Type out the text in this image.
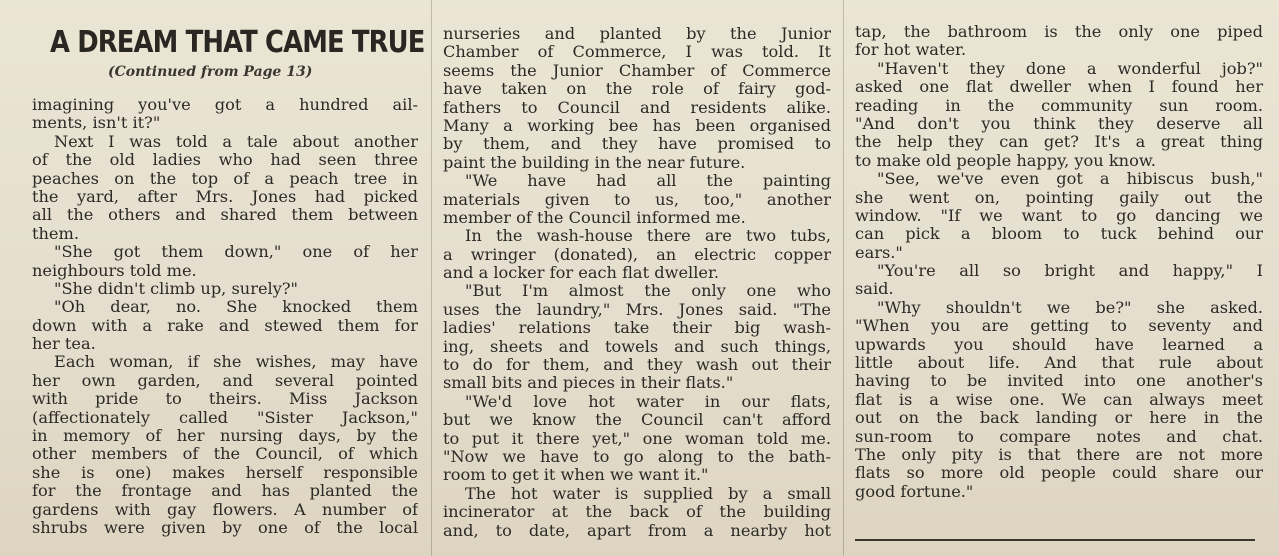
A DREAM THAT CAME TRUE
(Continued from Page 13)
imagining you've got a hundred ail-
ments, isn't it?"
Next I was told a tale about another
of the old ladies who had seen three
peaches on the top of a peach tree in
the yard, after Mrs. Jones had picked
all the others and shared them between
them.
"She got them down," one of her
neighbours told me.
"She didn't climb up, surely?"
"Oh dear, no. She knocked them
down with a rake and stewed them for
her tea.
Each woman, if she wishes, may have
her own garden, and several pointed
with pride to theirs. Miss Jackson
(affectionately called "Sister Jackson,"
in memory of her nursing days, by the
other members of the Council, of which
she is one) makes herself responsible
for the frontage and has planted the
gardens with gay flowers. A number of
shrubs were given by one of the local
nurseries and planted by the Junior
Chamber of Commerce, I was told. It
seems the Junior Chamber of Commerce
have taken on the role of fairy god-
fathers to Council and residents alike.
Many a working bee has been organised
by them, and they have promised to
paint the building in the near future.
"We have had all the painting
materials given to us, too," another
member of the Council informed me.
In the wash-house there are two tubs,
a wringer (donated), an electric copper
and a locker for each flat dweller.
"But I'm almost the only one who
uses the laundry," Mrs. Jones said. "The
ladies' relations take their big wash-
ing, sheets and towels and such things,
to do for them, and they wash out their
small bits and pieces in their flats."
"We'd love hot water in our flats,
but we know the Council can't afford
to put it there yet," one woman told me.
"Now we have to go along to the bath-
room to get it when we want it."
The hot water is supplied by a small
incinerator at the back of the building
and, to date, apart from a nearby hot
tap, the bathroom is the only one piped
for hot water.
"Haven't they done a wonderful job?"
asked one flat dweller when I found her
reading in the community sun room.
"And don't you think they deserve all
the help they can get? It's a great thing
to make old people happy, you know.
"See, we've even got a hibiscus bush,"
she went on, pointing gaily out the
window. "If we want to go dancing we
can pick a bloom to tuck behind our
ears."
"You're all so bright and happy," I
said.
"Why shouldn't we be?" she asked.
"When you are getting to seventy and
upwards you should have learned a
little about life. And that rule about
having to be invited into one another's
flat is a wise one. We can always meet
out on the back landing or here in the
sun-room to compare notes and chat.
The only pity is that there are not more
flats so more old people could share our
good fortune."
